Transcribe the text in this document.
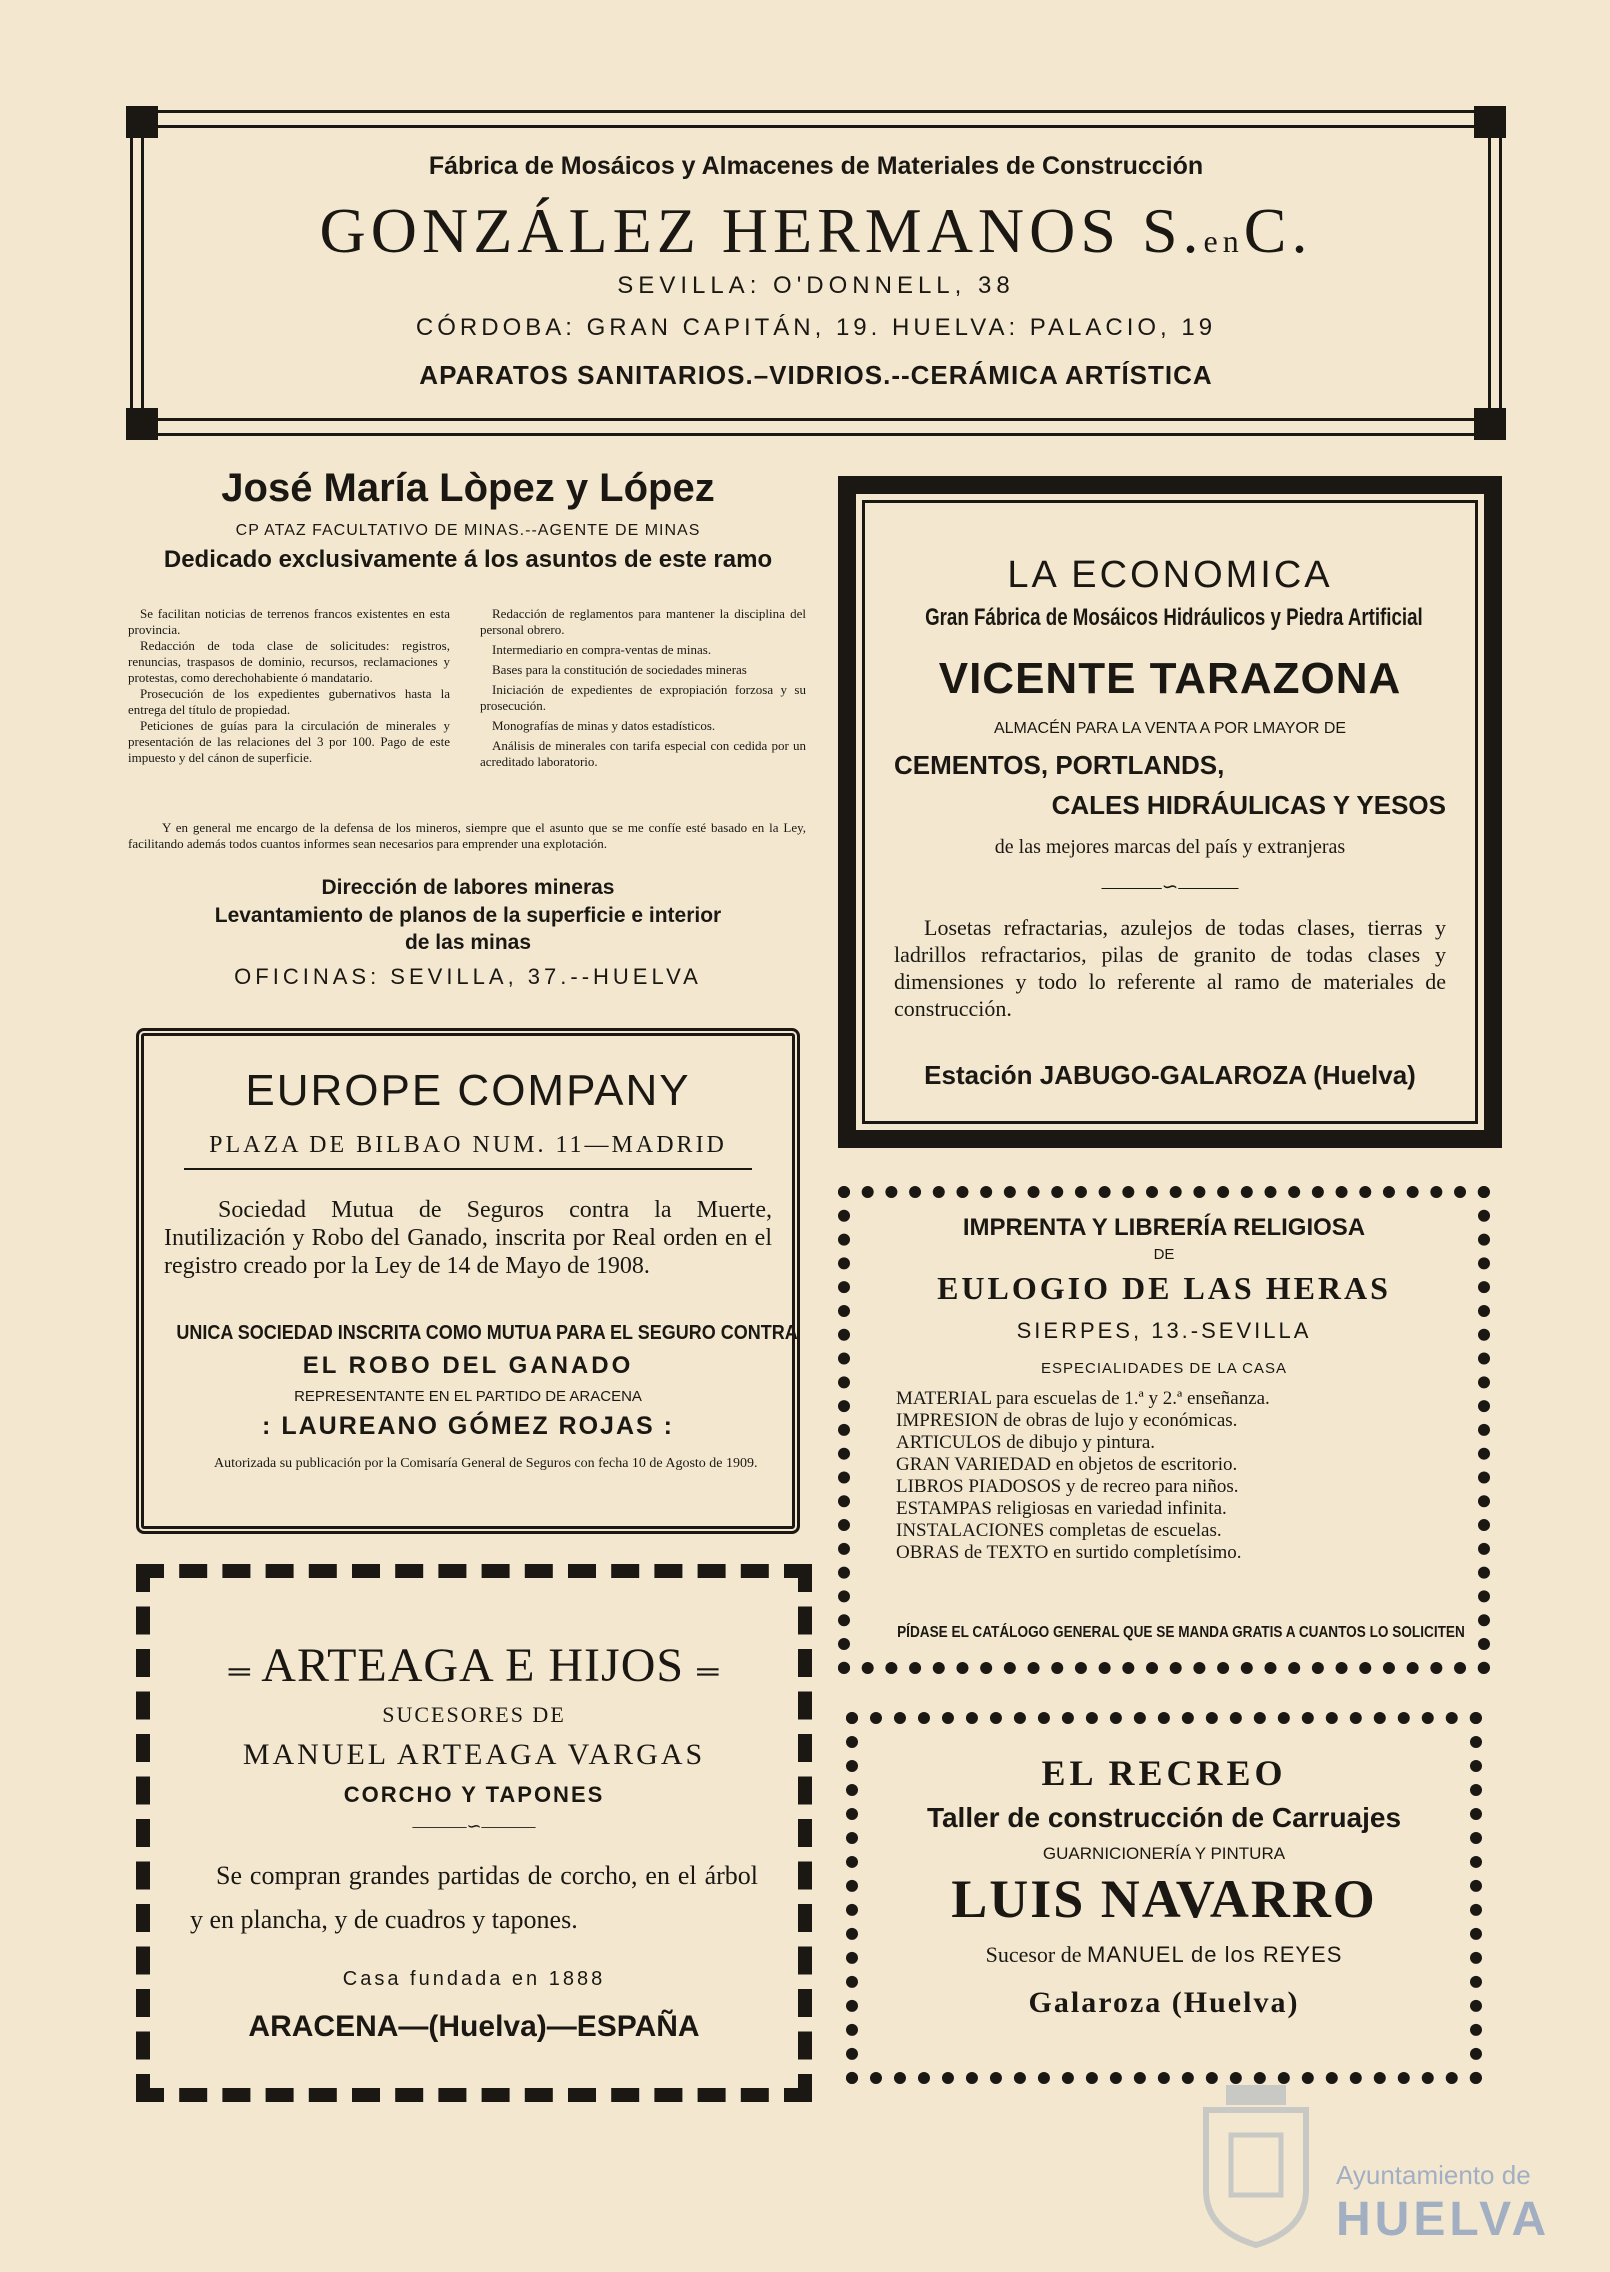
Fábrica de Mosáicos y Almacenes de Materiales de Construcción
GONZÁLEZ HERMANOS S.enC.
SEVILLA: O'DONNELL, 38
CÓRDOBA: GRAN CAPITÁN, 19. HUELVA: PALACIO, 19
APARATOS SANITARIOS.–VIDRIOS.--CERÁMICA ARTÍSTICA
José María Lòpez y López
CP ATAZ FACULTATIVO DE MINAS.--AGENTE DE MINAS
Dedicado exclusivamente á los asuntos de este ramo

Se facilitan noticias de terrenos francos existentes en esta provincia.

Redacción de toda clase de solicitudes: registros, renuncias, traspasos de dominio, recursos, reclamaciones y protestas, como derechohabiente ó mandatario.

Prosecución de los expedientes gubernativos hasta la entrega del título de propiedad.

Peticiones de guías para la circulación de minerales y presentación de las relaciones del 3 por 100. Pago de este impuesto y del cánon de superficie.

Redacción de reglamentos para mantener la disciplina del personal obrero.

Intermediario en compra-ventas de minas.

Bases para la constitución de sociedades mineras

Iniciación de expedientes de expropiación forzosa y su prosecución.

Monografías de minas y datos estadísticos.

Análisis de minerales con tarifa especial con cedida por un acreditado laboratorio.

Y en general me encargo de la defensa de los mineros, siempre que el asunto que se me confíe esté basado en la Ley, facilitando además todos cuantos informes sean necesarios para emprender una explotación.

Dirección de labores mineras
Levantamiento de planos de la superficie e interior
de las minas
OFICINAS: SEVILLA, 37.--HUELVA
LA ECONOMICA
Gran Fábrica de Mosáicos Hidráulicos y Piedra Artificial
VICENTE TARAZONA
ALMACÉN PARA LA VENTA A POR LMAYOR DE
CEMENTOS, PORTLANDS,
CALES HIDRÁULICAS Y YESOS
de las mejores marcas del país y extranjeras
———∽———

Losetas refractarias, azulejos de todas clases, tierras y ladrillos refractarios, pilas de granito de todas clases y dimensiones y todo lo referente al ramo de materiales de construcción.

Estación JABUGO-GALAROZA (Huelva)
EUROPE COMPANY
PLAZA DE BILBAO NUM. 11—MADRID

Sociedad Mutua de Seguros contra la Muerte, Inutilización y Robo del Ganado, inscrita por Real orden en el registro creado por la Ley de 14 de Mayo de 1908.

UNICA SOCIEDAD INSCRITA COMO MUTUA PARA EL SEGURO CONTRA
EL ROBO DEL GANADO
REPRESENTANTE EN EL PARTIDO DE ARACENA
: LAUREANO GÓMEZ ROJAS :

Autorizada su publicación por la Comisaría General de Seguros con fecha 10 de Agosto de 1909.

IMPRENTA Y LIBRERÍA RELIGIOSA
DE
EULOGIO DE LAS HERAS
SIERPES, 13.-SEVILLA
ESPECIALIDADES DE LA CASA
MATERIAL para escuelas de 1.ª y 2.ª enseñanza.
IMPRESION de obras de lujo y económicas.
ARTICULOS de dibujo y pintura.
GRAN VARIEDAD en objetos de escritorio.
LIBROS PIADOSOS y de recreo para niños.
ESTAMPAS religiosas en variedad infinita.
INSTALACIONES completas de escuelas.
OBRAS de TEXTO en surtido completísimo.
PÍDASE EL CATÁLOGO GENERAL QUE SE MANDA GRATIS A CUANTOS LO SOLICITEN
═ ARTEAGA E HIJOS ═
SUCESORES DE
MANUEL ARTEAGA VARGAS
CORCHO Y TAPONES
———∽———

Se compran grandes partidas de corcho, en el árbol y en plancha, y de cuadros y tapones.

Casa fundada en 1888
ARACENA—(Huelva)—ESPAÑA
EL RECREO
Taller de construcción de Carruajes
GUARNICIONERÍA Y PINTURA
LUIS NAVARRO
Sucesor de MANUEL de los REYES
Galaroza (Huelva)
Ayuntamiento de
HUELVA
